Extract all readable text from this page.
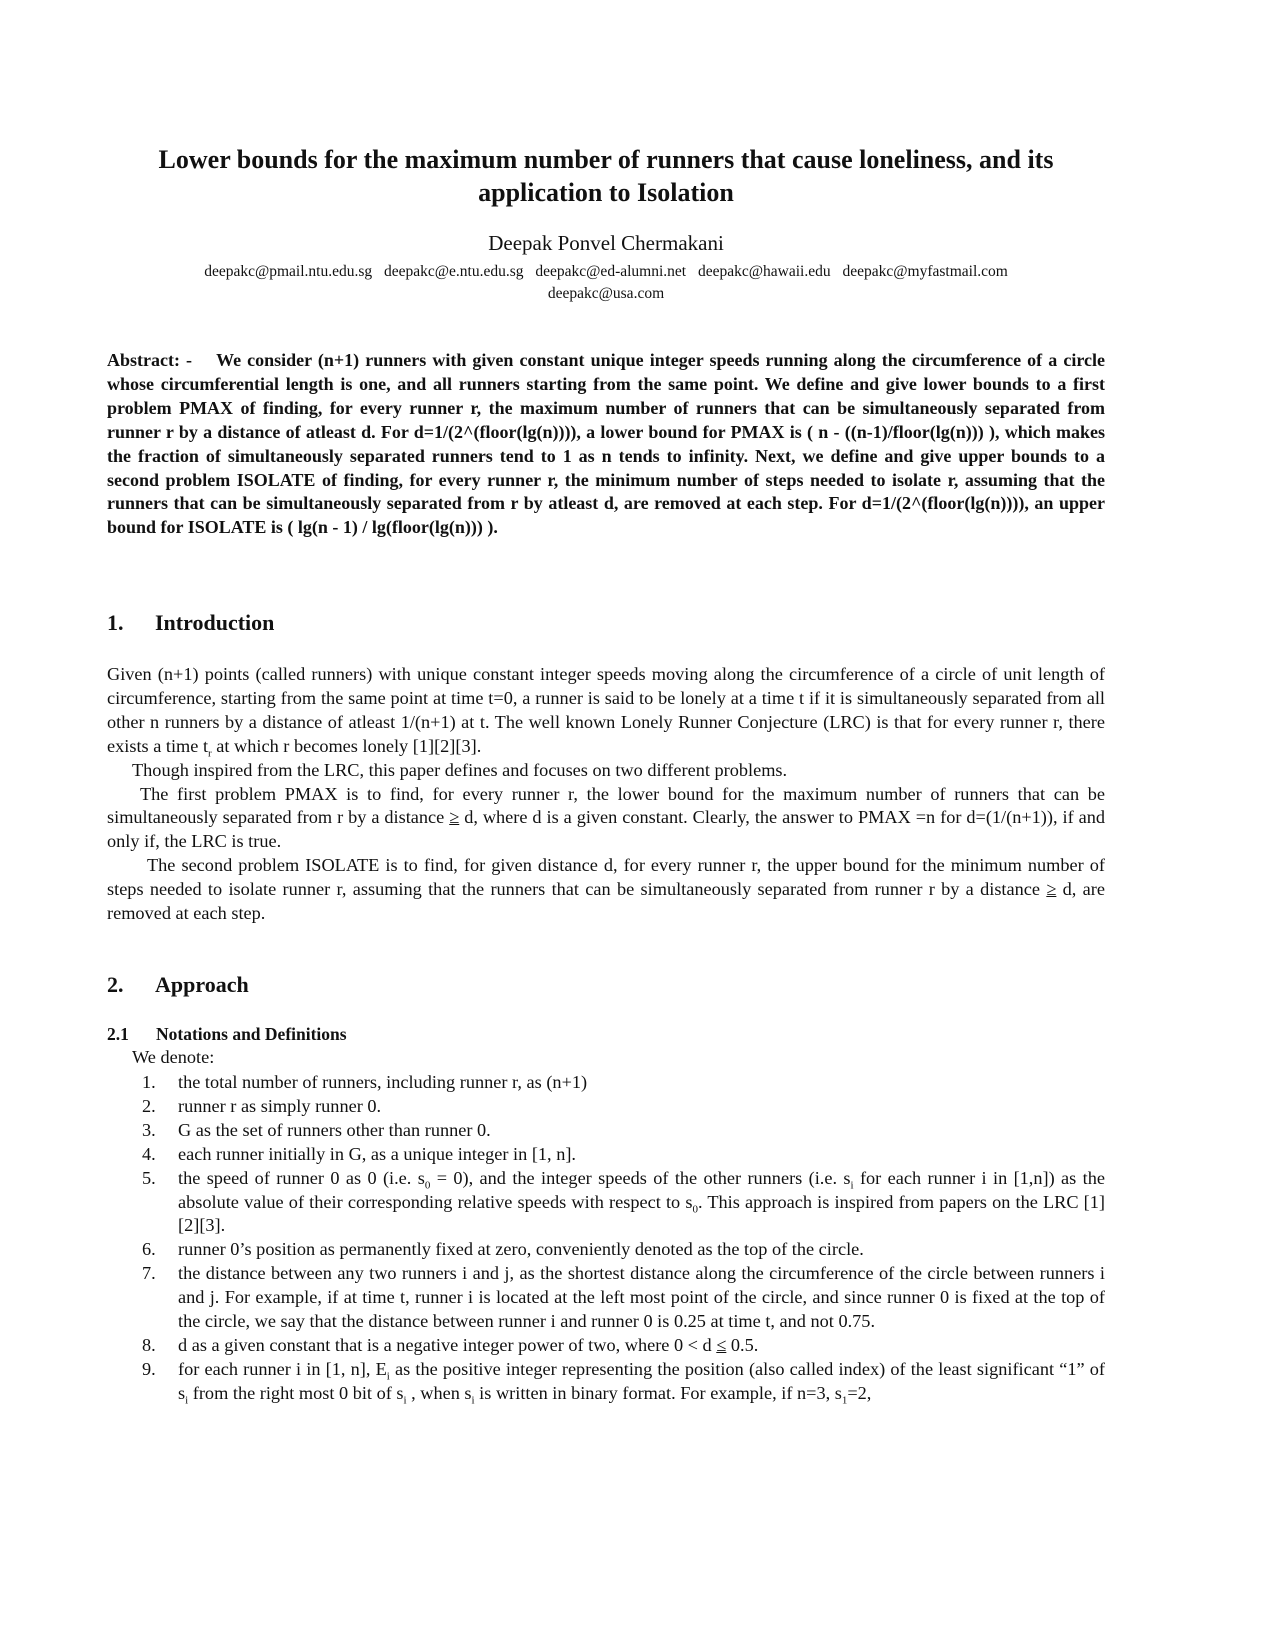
Lower bounds for the maximum number of runners that cause loneliness, and its
application to Isolation
Deepak Ponvel Chermakani
deepakc@pmail.ntu.edu.sg deepakc@e.ntu.edu.sg deepakc@ed-alumni.net deepakc@hawaii.edu deepakc@myfastmail.com
deepakc@usa.com
Abstract: - We consider (n+1) runners with given constant unique integer speeds running along the circumference of a circle whose circumferential length is one, and all runners starting from the same point. We define and give lower bounds to a first problem PMAX of finding, for every runner r, the maximum number of runners that can be simultaneously separated from runner r by a distance of atleast d. For d=1/(2^(floor(lg(n)))), a lower bound for PMAX is ( n - ((n-1)/floor(lg(n))) ), which makes the fraction of simultaneously separated runners tend to 1 as n tends to infinity. Next, we define and give upper bounds to a second problem ISOLATE of finding, for every runner r, the minimum number of steps needed to isolate r, assuming that the runners that can be simultaneously separated from r by atleast d, are removed at each step. For d=1/(2^(floor(lg(n)))), an upper bound for ISOLATE is ( lg(n - 1) / lg(floor(lg(n))) ).
1. Introduction

Given (n+1) points (called runners) with unique constant integer speeds moving along the circumference of a circle of unit length of circumference, starting from the same point at time t=0, a runner is said to be lonely at a time t if it is simultaneously separated from all other n runners by a distance of atleast 1/(n+1) at t. The well known Lonely Runner Conjecture (LRC) is that for every runner r, there exists a time $t_r$ at which r becomes lonely [1][2][3].

Though inspired from the LRC, this paper defines and focuses on two different problems.

The first problem PMAX is to find, for every runner r, the lower bound for the maximum number of runners that can be simultaneously separated from r by a distance ≥ d, where d is a given constant. Clearly, the answer to PMAX =n for d=(1/(n+1)), if and only if, the LRC is true.

The second problem ISOLATE is to find, for given distance d, for every runner r, the upper bound for the minimum number of steps needed to isolate runner r, assuming that the runners that can be simultaneously separated from runner r by a distance ≥ d, are removed at each step.

2. Approach
2.1 Notations and Definitions
We denote:
1. the total number of runners, including runner r, as (n+1)
2. runner r as simply runner 0.
3. G as the set of runners other than runner 0.
4. each runner initially in G, as a unique integer in [1, n].
5. the speed of runner 0 as 0 (i.e. $s_0 = 0$), and the integer speeds of the other runners (i.e. $s_i$ for each runner i in [1,n]) as the absolute value of their corresponding relative speeds with respect to $s_0$. This approach is inspired from papers on the LRC [1][2][3].
6. runner 0’s position as permanently fixed at zero, conveniently denoted as the top of the circle.
7. the distance between any two runners i and j, as the shortest distance along the circumference of the circle between runners i and j. For example, if at time t, runner i is located at the left most point of the circle, and since runner 0 is fixed at the top of the circle, we say that the distance between runner i and runner 0 is 0.25 at time t, and not 0.75.
8. d as a given constant that is a negative integer power of two, where 0 < d ≤ 0.5.
9. for each runner i in [1, n], $E_i$ as the positive integer representing the position (also called index) of the least significant “1” of $s_i$ from the right most 0 bit of $s_i$ , when $s_i$ is written in binary format. For example, if n=3, $s_1=2$,
